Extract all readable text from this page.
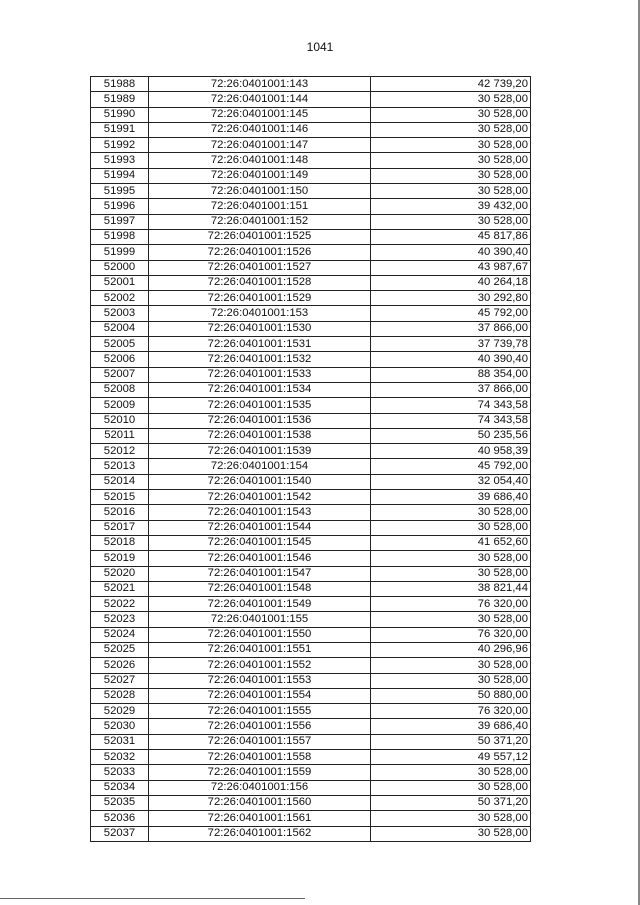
1041
51988	72:26:0401001:143	42 739,20
51989	72:26:0401001:144	30 528,00
51990	72:26:0401001:145	30 528,00
51991	72:26:0401001:146	30 528,00
51992	72:26:0401001:147	30 528,00
51993	72:26:0401001:148	30 528,00
51994	72:26:0401001:149	30 528,00
51995	72:26:0401001:150	30 528,00
51996	72:26:0401001:151	39 432,00
51997	72:26:0401001:152	30 528,00
51998	72:26:0401001:1525	45 817,86
51999	72:26:0401001:1526	40 390,40
52000	72:26:0401001:1527	43 987,67
52001	72:26:0401001:1528	40 264,18
52002	72:26:0401001:1529	30 292,80
52003	72:26:0401001:153	45 792,00
52004	72:26:0401001:1530	37 866,00
52005	72:26:0401001:1531	37 739,78
52006	72:26:0401001:1532	40 390,40
52007	72:26:0401001:1533	88 354,00
52008	72:26:0401001:1534	37 866,00
52009	72:26:0401001:1535	74 343,58
52010	72:26:0401001:1536	74 343,58
52011	72:26:0401001:1538	50 235,56
52012	72:26:0401001:1539	40 958,39
52013	72:26:0401001:154	45 792,00
52014	72:26:0401001:1540	32 054,40
52015	72:26:0401001:1542	39 686,40
52016	72:26:0401001:1543	30 528,00
52017	72:26:0401001:1544	30 528,00
52018	72:26:0401001:1545	41 652,60
52019	72:26:0401001:1546	30 528,00
52020	72:26:0401001:1547	30 528,00
52021	72:26:0401001:1548	38 821,44
52022	72:26:0401001:1549	76 320,00
52023	72:26:0401001:155	30 528,00
52024	72:26:0401001:1550	76 320,00
52025	72:26:0401001:1551	40 296,96
52026	72:26:0401001:1552	30 528,00
52027	72:26:0401001:1553	30 528,00
52028	72:26:0401001:1554	50 880,00
52029	72:26:0401001:1555	76 320,00
52030	72:26:0401001:1556	39 686,40
52031	72:26:0401001:1557	50 371,20
52032	72:26:0401001:1558	49 557,12
52033	72:26:0401001:1559	30 528,00
52034	72:26:0401001:156	30 528,00
52035	72:26:0401001:1560	50 371,20
52036	72:26:0401001:1561	30 528,00
52037	72:26:0401001:1562	30 528,00
